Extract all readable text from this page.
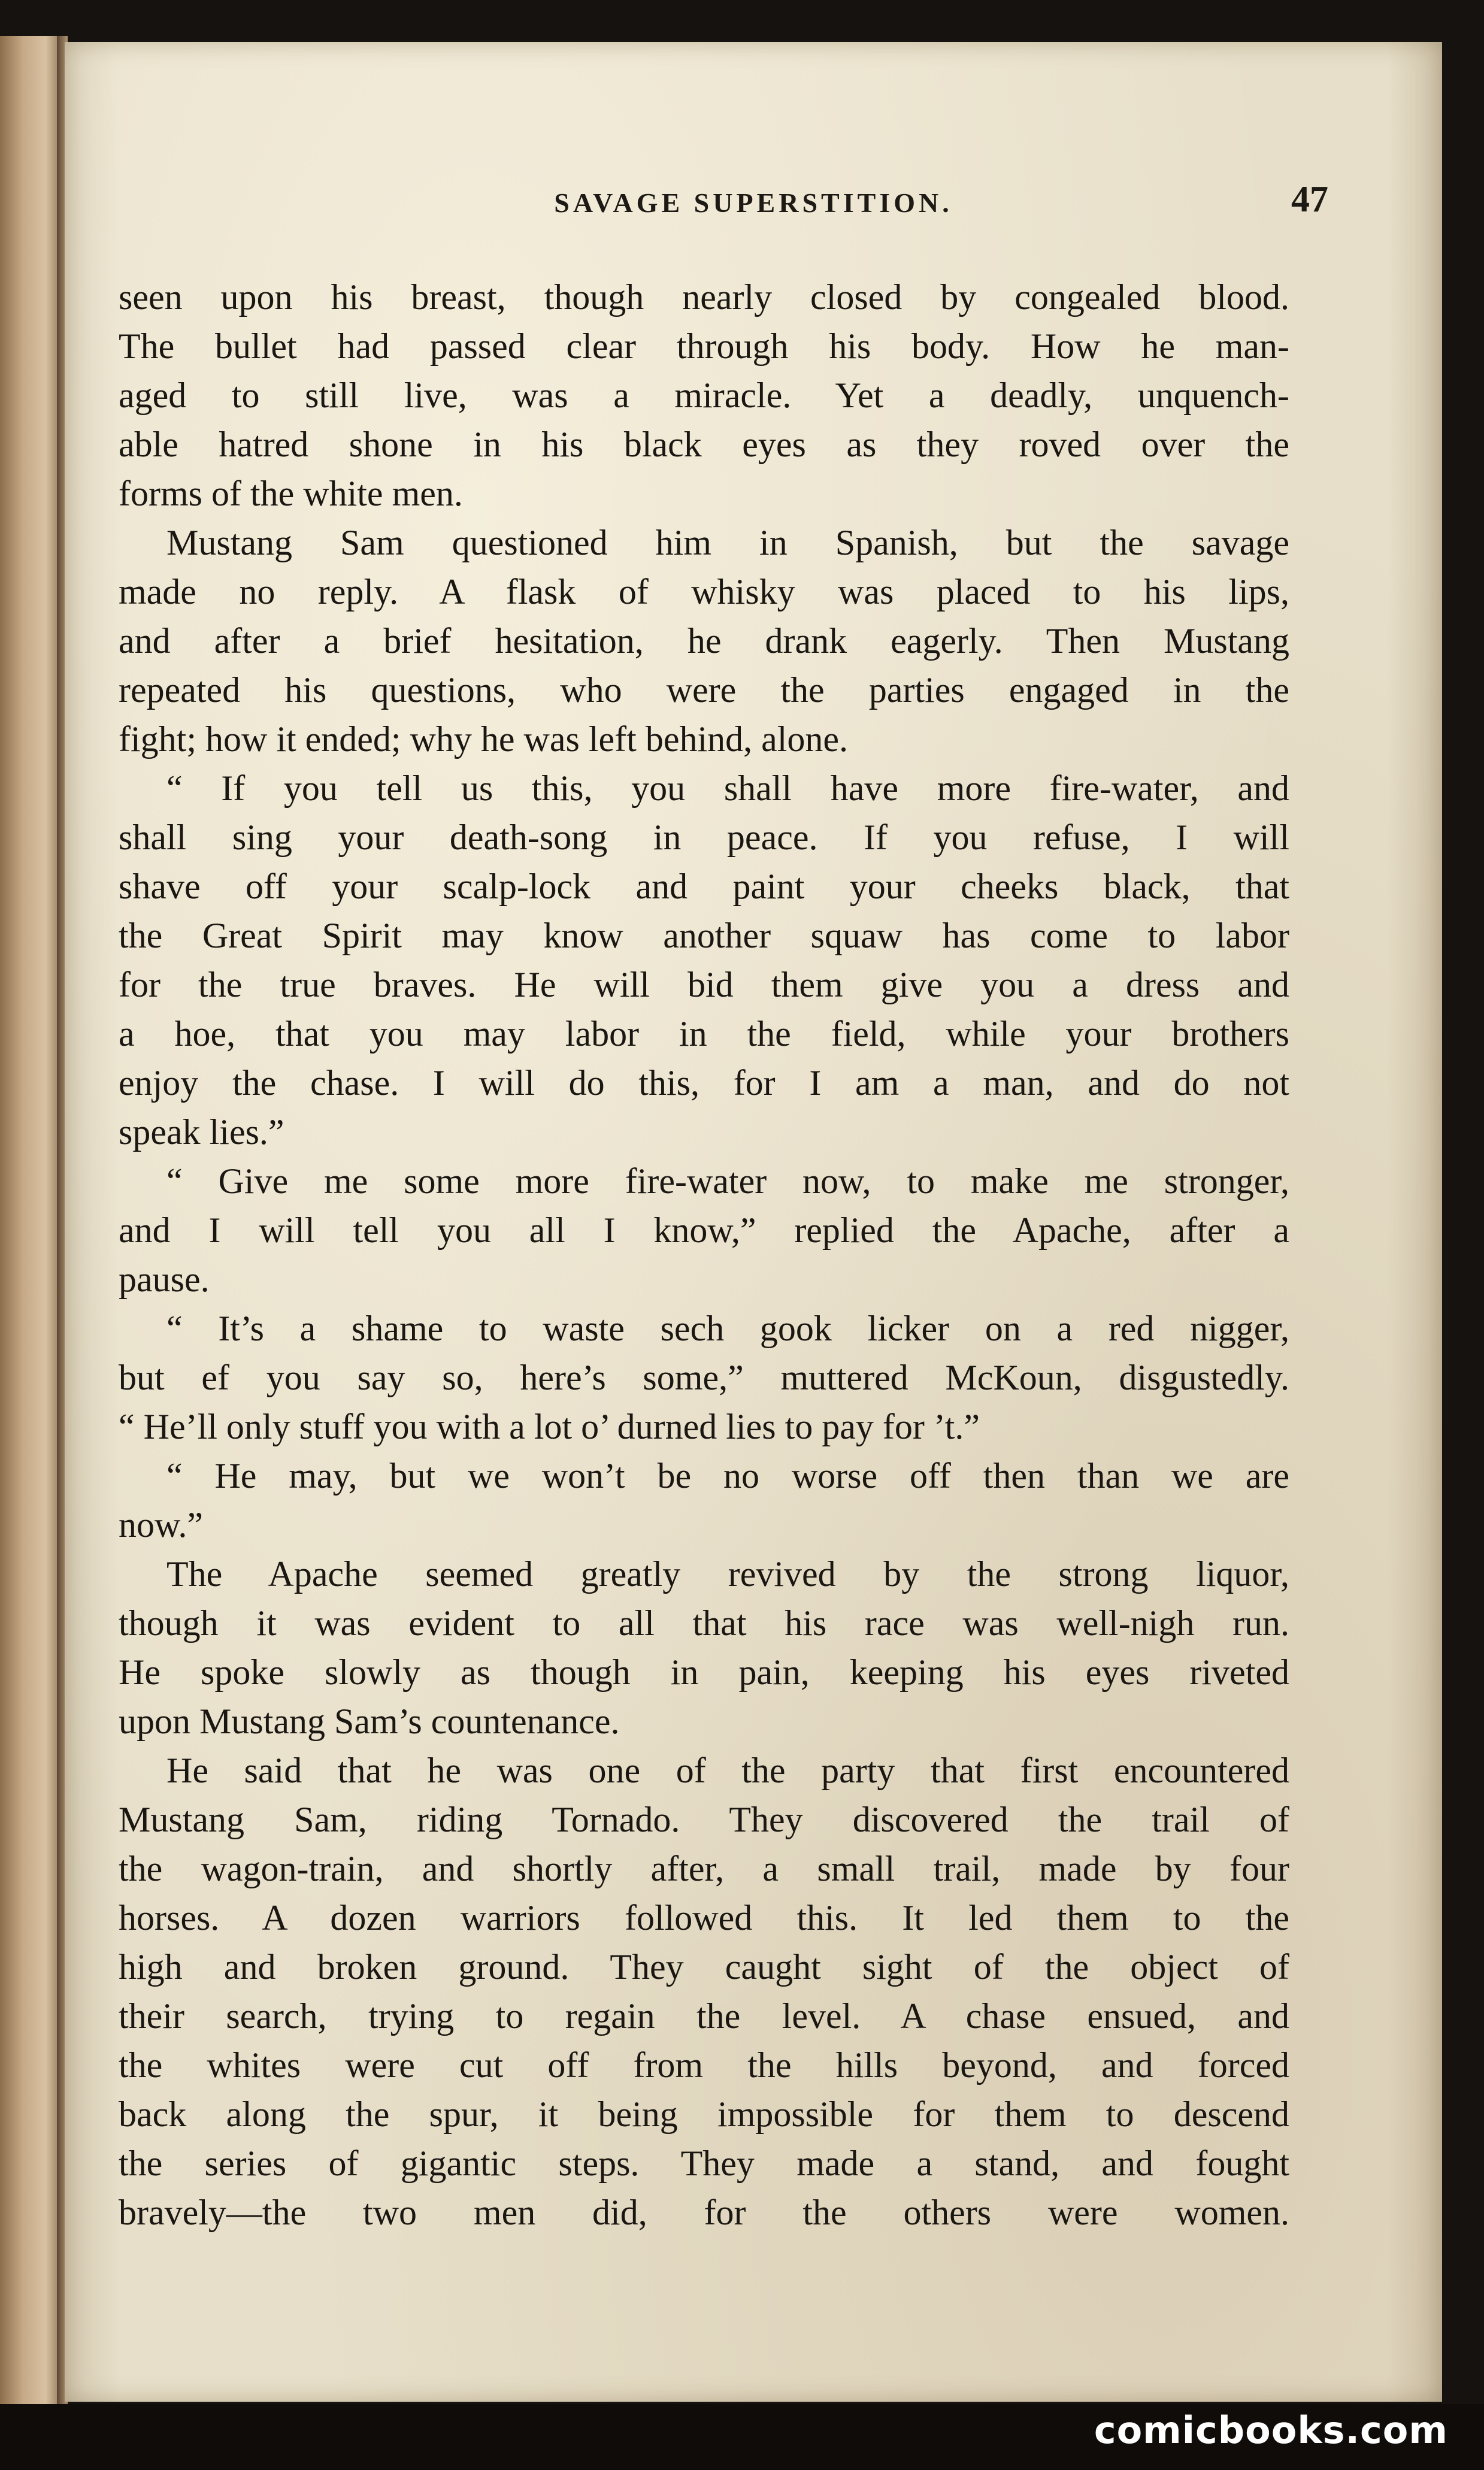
SAVAGE SUPERSTITION.	47
seen upon his breast, though nearly closed by congealed blood.
The bullet had passed clear through his body. How he man-
aged to still live, was a miracle. Yet a deadly, unquench-
able hatred shone in his black eyes as they roved over the
forms of the white men.
Mustang Sam questioned him in Spanish, but the savage
made no reply. A flask of whisky was placed to his lips,
and after a brief hesitation, he drank eagerly. Then Mustang
repeated his questions, who were the parties engaged in the
fight; how it ended; why he was left behind, alone.
“ If you tell us this, you shall have more fire-water, and
shall sing your death-song in peace. If you refuse, I will
shave off your scalp-lock and paint your cheeks black, that
the Great Spirit may know another squaw has come to labor
for the true braves. He will bid them give you a dress and
a hoe, that you may labor in the field, while your brothers
enjoy the chase. I will do this, for I am a man, and do not
speak lies.”
“ Give me some more fire-water now, to make me stronger,
and I will tell you all I know,” replied the Apache, after a
pause.
“ It’s a shame to waste sech gook licker on a red nigger,
but ef you say so, here’s some,” muttered McKoun, disgustedly.
“ He’ll only stuff you with a lot o’ durned lies to pay for ’t.”
“ He may, but we won’t be no worse off then than we are
now.”
The Apache seemed greatly revived by the strong liquor,
though it was evident to all that his race was well-nigh run.
He spoke slowly as though in pain, keeping his eyes riveted
upon Mustang Sam’s countenance.
He said that he was one of the party that first encountered
Mustang Sam, riding Tornado. They discovered the trail of
the wagon-train, and shortly after, a small trail, made by four
horses. A dozen warriors followed this. It led them to the
high and broken ground. They caught sight of the object of
their search, trying to regain the level. A chase ensued, and
the whites were cut off from the hills beyond, and forced
back along the spur, it being impossible for them to descend
the series of gigantic steps. They made a stand, and fought
bravely—the two men did, for the others were women.
comicbooks.com
